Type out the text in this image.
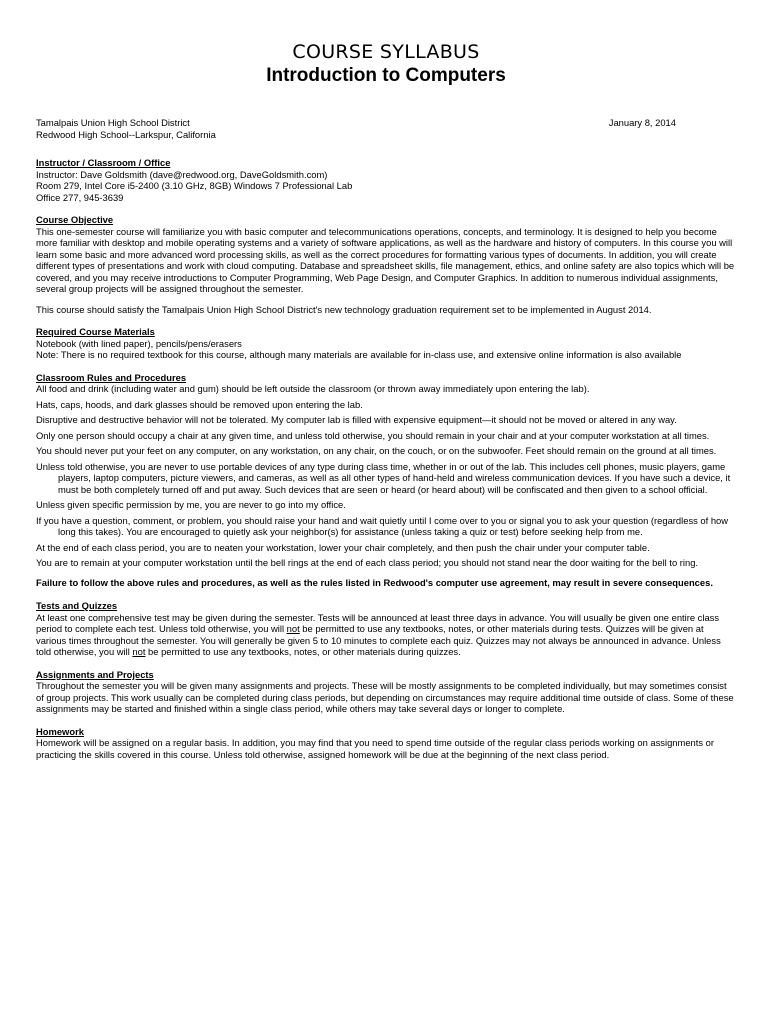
COURSE SYLLABUS
Introduction to Computers
Tamalpais Union High School District
Redwood High School--Larkspur, California
January 8, 2014
Instructor / Classroom / Office
Instructor: Dave Goldsmith (dave@redwood.org, DaveGoldsmith.com)
Room 279, Intel Core i5-2400 (3.10 GHz, 8GB) Windows 7 Professional Lab
Office 277, 945-3639
Course Objective

This one-semester course will familiarize you with basic computer and telecommunications operations, concepts, and terminology. It is designed to help you become more familiar with desktop and mobile operating systems and a variety of software applications, as well as the hardware and history of computers. In this course you will learn some basic and more advanced word processing skills, as well as the correct procedures for formatting various types of documents. In addition, you will create different types of presentations and work with cloud computing. Database and spreadsheet skills, file management, ethics, and online safety are also topics which will be covered, and you may receive introductions to Computer Programming, Web Page Design, and Computer Graphics. In addition to numerous individual assignments, several group projects will be assigned throughout the semester.

This course should satisfy the Tamalpais Union High School District's new technology graduation requirement set to be implemented in August 2014.

Required Course Materials
Notebook (with lined paper), pencils/pens/erasers
Note: There is no required textbook for this course, although many materials are available for in-class use, and extensive online information is also available
Classroom Rules and Procedures

All food and drink (including water and gum) should be left outside the classroom (or thrown away immediately upon entering the lab).

Hats, caps, hoods, and dark glasses should be removed upon entering the lab.

Disruptive and destructive behavior will not be tolerated. My computer lab is filled with expensive equipment—it should not be moved or altered in any way.

Only one person should occupy a chair at any given time, and unless told otherwise, you should remain in your chair and at your computer workstation at all times.

You should never put your feet on any computer, on any workstation, on any chair, on the couch, or on the subwoofer. Feet should remain on the ground at all times.

Unless told otherwise, you are never to use portable devices of any type during class time, whether in or out of the lab. This includes cell phones, music players, game players, laptop computers, picture viewers, and cameras, as well as all other types of hand-held and wireless communication devices. If you have such a device, it must be both completely turned off and put away. Such devices that are seen or heard (or heard about) will be confiscated and then given to a school official.

Unless given specific permission by me, you are never to go into my office.

If you have a question, comment, or problem, you should raise your hand and wait quietly until I come over to you or signal you to ask your question (regardless of how long this takes). You are encouraged to quietly ask your neighbor(s) for assistance (unless taking a quiz or test) before seeking help from me.

At the end of each class period, you are to neaten your workstation, lower your chair completely, and then push the chair under your computer table.

You are to remain at your computer workstation until the bell rings at the end of each class period; you should not stand near the door waiting for the bell to ring.

Failure to follow the above rules and procedures, as well as the rules listed in Redwood's computer use agreement, may result in severe consequences.

Tests and Quizzes

At least one comprehensive test may be given during the semester. Tests will be announced at least three days in advance. You will usually be given one entire class period to complete each test. Unless told otherwise, you will not be permitted to use any textbooks, notes, or other materials during tests. Quizzes will be given at various times throughout the semester. You will generally be given 5 to 10 minutes to complete each quiz. Quizzes may not always be announced in advance. Unless told otherwise, you will not be permitted to use any textbooks, notes, or other materials during quizzes.

Assignments and Projects

Throughout the semester you will be given many assignments and projects. These will be mostly assignments to be completed individually, but may sometimes consist of group projects. This work usually can be completed during class periods, but depending on circumstances may require additional time outside of class. Some of these assignments may be started and finished within a single class period, while others may take several days or longer to complete.

Homework

Homework will be assigned on a regular basis. In addition, you may find that you need to spend time outside of the regular class periods working on assignments or practicing the skills covered in this course. Unless told otherwise, assigned homework will be due at the beginning of the next class period.
